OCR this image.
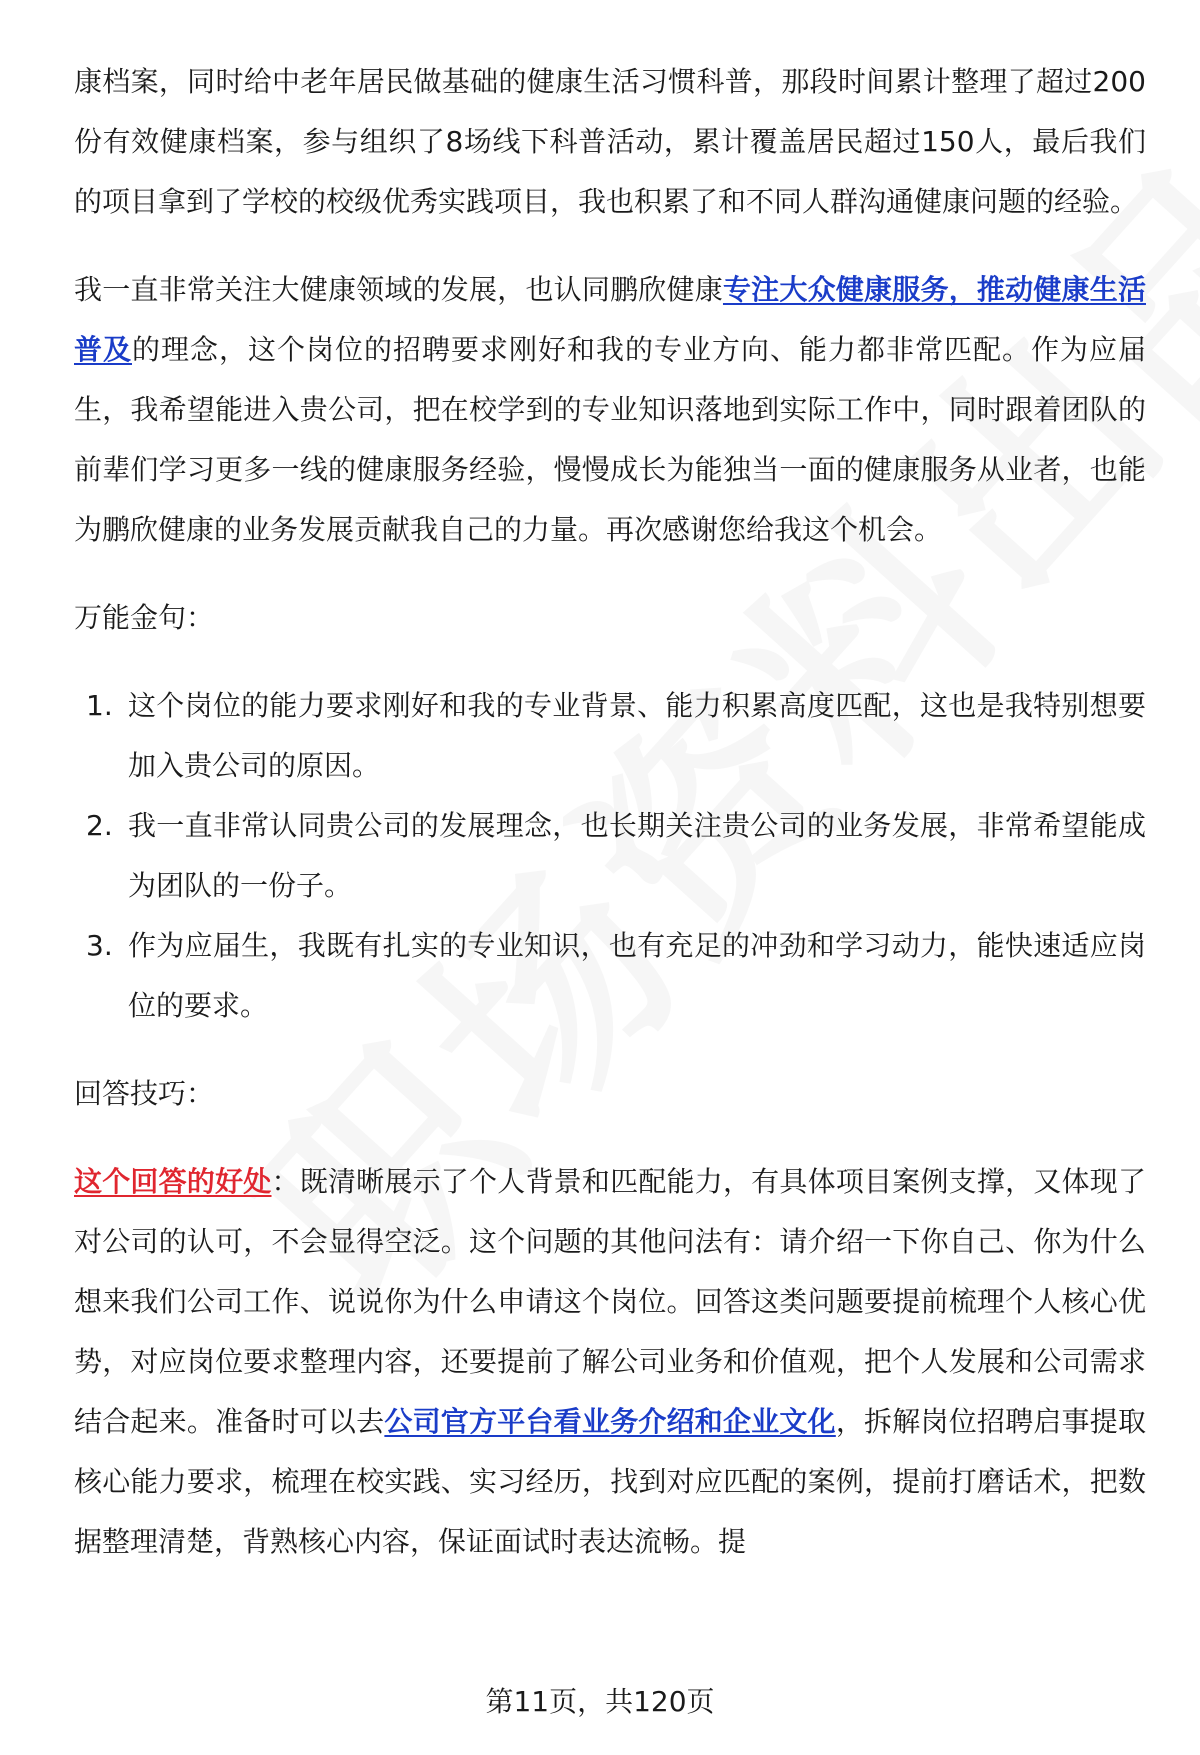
康档案，同时给中老年居民做基础的健康生活习惯科普，那段时间累计整理了超过200份有效健康档案，参与组织了8场线下科普活动，累计覆盖居民超过150人，最后我们的项目拿到了学校的校级优秀实践项目，我也积累了和不同人群沟通健康问题的经验。

我一直非常关注大健康领域的发展，也认同鹏欣健康专注大众健康服务，推动健康生活普及的理念，这个岗位的招聘要求刚好和我的专业方向、能力都非常匹配。作为应届生，我希望能进入贵公司，把在校学到的专业知识落地到实际工作中，同时跟着团队的前辈们学习更多一线的健康服务经验，慢慢成长为能独当一面的健康服务从业者，也能为鹏欣健康的业务发展贡献我自己的力量。再次感谢您给我这个机会。

万能金句：

1. 这个岗位的能力要求刚好和我的专业背景、能力积累高度匹配，这也是我特别想要加入贵公司的原因。
2. 我一直非常认同贵公司的发展理念，也长期关注贵公司的业务发展，非常希望能成为团队的一份子。
3. 作为应届生，我既有扎实的专业知识，也有充足的冲劲和学习动力，能快速适应岗位的要求。

回答技巧：

这个回答的好处：既清晰展示了个人背景和匹配能力，有具体项目案例支撑，又体现了对公司的认可，不会显得空泛。这个问题的其他问法有：请介绍一下你自己、你为什么想来我们公司工作、说说你为什么申请这个岗位。回答这类问题要提前梳理个人核心优势，对应岗位要求整理内容，还要提前了解公司业务和价值观，把个人发展和公司需求结合起来。准备时可以去公司官方平台看业务介绍和企业文化，拆解岗位招聘启事提取核心能力要求，梳理在校实践、实习经历，找到对应匹配的案例，提前打磨话术，把数据整理清楚，背熟核心内容，保证面试时表达流畅。提

第11页，共120页
